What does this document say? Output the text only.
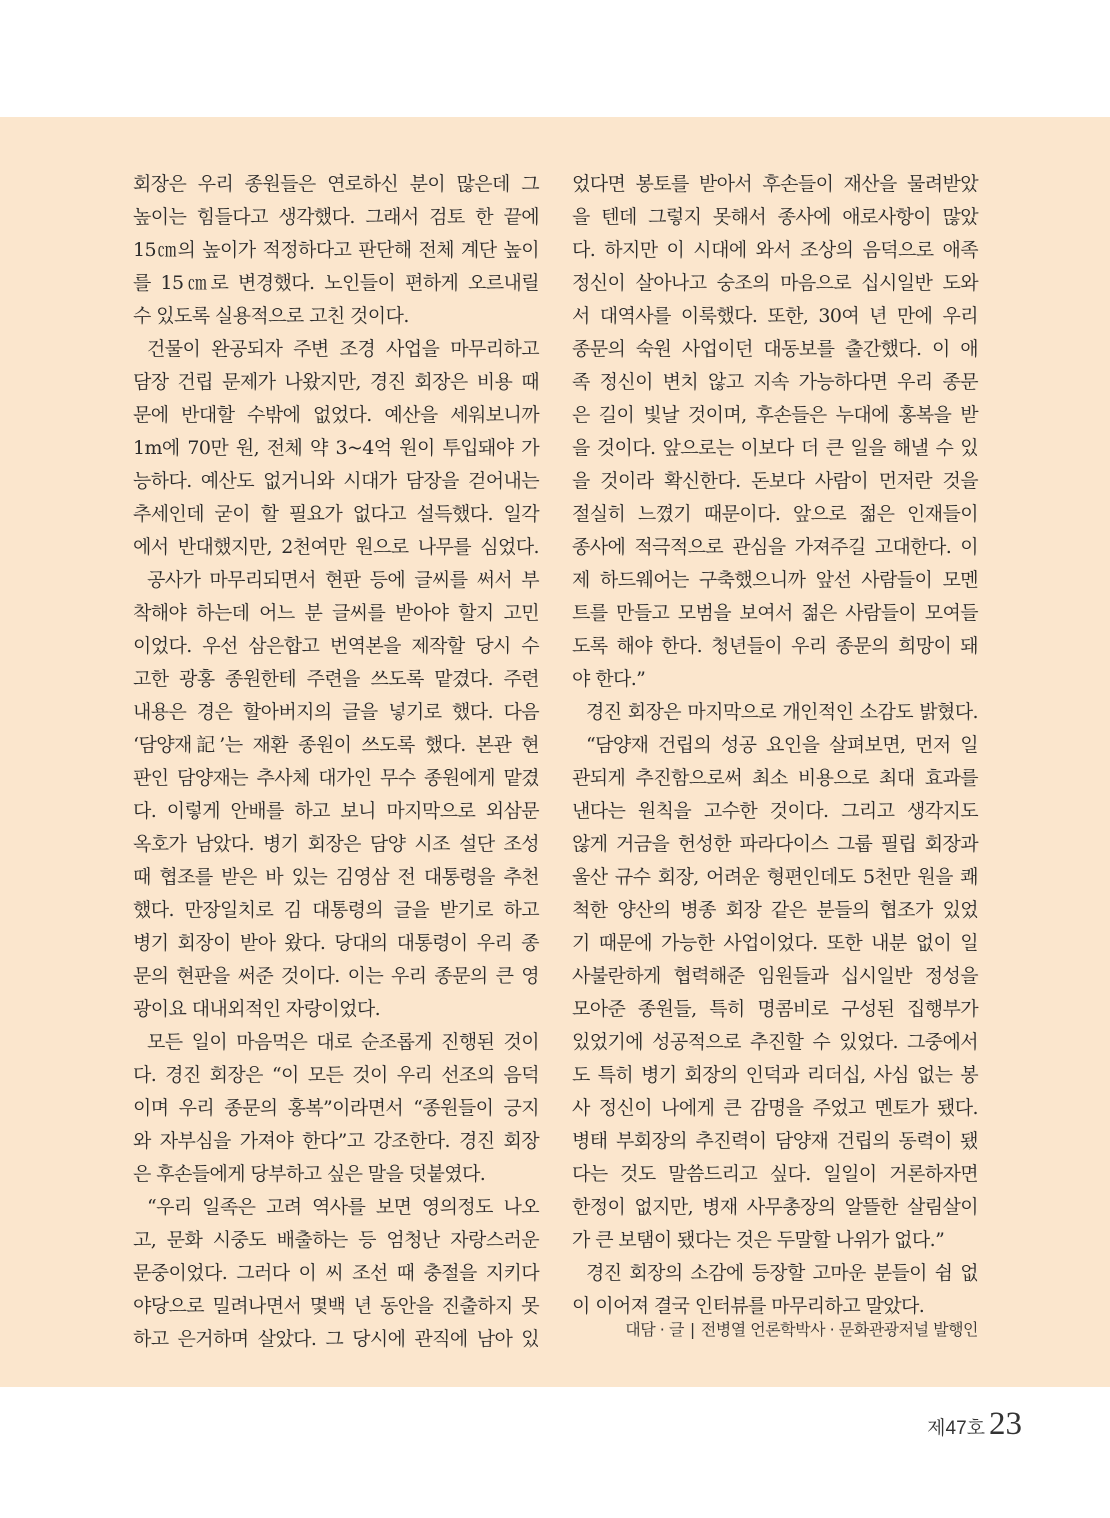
회장은 우리 종원들은 연로하신 분이 많은데 그
높이는 힘들다고 생각했다. 그래서 검토 한 끝에
15㎝의 높이가 적정하다고 판단해 전체 계단 높이
를 15㎝로 변경했다. 노인들이 편하게 오르내릴
수 있도록 실용적으로 고친 것이다.
건물이 완공되자 주변 조경 사업을 마무리하고
담장 건립 문제가 나왔지만, 경진 회장은 비용 때
문에 반대할 수밖에 없었다. 예산을 세워보니까
1m에 70만 원, 전체 약 3~4억 원이 투입돼야 가
능하다. 예산도 없거니와 시대가 담장을 걷어내는
추세인데 굳이 할 필요가 없다고 설득했다. 일각
에서 반대했지만, 2천여만 원으로 나무를 심었다.
공사가 마무리되면서 현판 등에 글씨를 써서 부
착해야 하는데 어느 분 글씨를 받아야 할지 고민
이었다. 우선 삼은합고 번역본을 제작할 당시 수
고한 광홍 종원한테 주련을 쓰도록 맡겼다. 주련
내용은 경은 할아버지의 글을 넣기로 했다. 다음
‘담양재記’는 재환 종원이 쓰도록 했다. 본관 현
판인 담양재는 추사체 대가인 무수 종원에게 맡겼
다. 이렇게 안배를 하고 보니 마지막으로 외삼문
옥호가 남았다. 병기 회장은 담양 시조 설단 조성
때 협조를 받은 바 있는 김영삼 전 대통령을 추천
했다. 만장일치로 김 대통령의 글을 받기로 하고
병기 회장이 받아 왔다. 당대의 대통령이 우리 종
문의 현판을 써준 것이다. 이는 우리 종문의 큰 영
광이요 대내외적인 자랑이었다.
모든 일이 마음먹은 대로 순조롭게 진행된 것이
다. 경진 회장은 “이 모든 것이 우리 선조의 음덕
이며 우리 종문의 홍복”이라면서 “종원들이 긍지
와 자부심을 가져야 한다”고 강조한다. 경진 회장
은 후손들에게 당부하고 싶은 말을 덧붙였다.
“우리 일족은 고려 역사를 보면 영의정도 나오
고, 문화 시중도 배출하는 등 엄청난 자랑스러운
문중이었다. 그러다 이 씨 조선 때 충절을 지키다
야당으로 밀려나면서 몇백 년 동안을 진출하지 못
하고 은거하며 살았다. 그 당시에 관직에 남아 있
었다면 봉토를 받아서 후손들이 재산을 물려받았
을 텐데 그렇지 못해서 종사에 애로사항이 많았
다. 하지만 이 시대에 와서 조상의 음덕으로 애족
정신이 살아나고 숭조의 마음으로 십시일반 도와
서 대역사를 이룩했다. 또한, 30여 년 만에 우리
종문의 숙원 사업이던 대동보를 출간했다. 이 애
족 정신이 변치 않고 지속 가능하다면 우리 종문
은 길이 빛날 것이며, 후손들은 누대에 홍복을 받
을 것이다. 앞으로는 이보다 더 큰 일을 해낼 수 있
을 것이라 확신한다. 돈보다 사람이 먼저란 것을
절실히 느꼈기 때문이다. 앞으로 젊은 인재들이
종사에 적극적으로 관심을 가져주길 고대한다. 이
제 하드웨어는 구축했으니까 앞선 사람들이 모멘
트를 만들고 모범을 보여서 젊은 사람들이 모여들
도록 해야 한다. 청년들이 우리 종문의 희망이 돼
야 한다.”
경진 회장은 마지막으로 개인적인 소감도 밝혔다.
“담양재 건립의 성공 요인을 살펴보면, 먼저 일
관되게 추진함으로써 최소 비용으로 최대 효과를
낸다는 원칙을 고수한 것이다. 그리고 생각지도
않게 거금을 헌성한 파라다이스 그룹 필립 회장과
울산 규수 회장, 어려운 형편인데도 5천만 원을 쾌
척한 양산의 병종 회장 같은 분들의 협조가 있었
기 때문에 가능한 사업이었다. 또한 내분 없이 일
사불란하게 협력해준 임원들과 십시일반 정성을
모아준 종원들, 특히 명콤비로 구성된 집행부가
있었기에 성공적으로 추진할 수 있었다. 그중에서
도 특히 병기 회장의 인덕과 리더십, 사심 없는 봉
사 정신이 나에게 큰 감명을 주었고 멘토가 됐다.
병태 부회장의 추진력이 담양재 건립의 동력이 됐
다는 것도 말씀드리고 싶다. 일일이 거론하자면
한정이 없지만, 병재 사무총장의 알뜰한 살림살이
가 큰 보탬이 됐다는 것은 두말할 나위가 없다.”
경진 회장의 소감에 등장할 고마운 분들이 쉼 없
이 이어져 결국 인터뷰를 마무리하고 말았다.
대담 · 글 | 전병열 언론학박사 · 문화관광저널 발행인
제47호 23
